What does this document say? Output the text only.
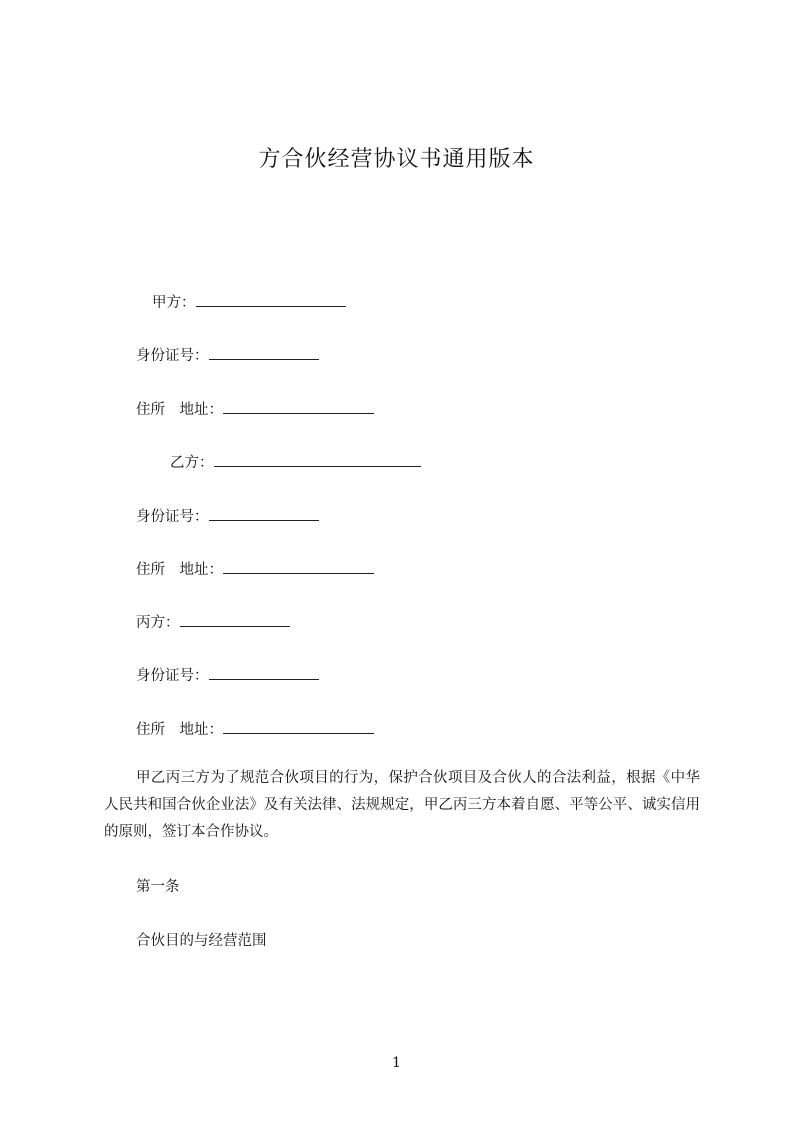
方合伙经营协议书通用版本
甲方：
身份证号：
住所　地址：
乙方：
身份证号：
住所　地址：
丙方：
身份证号：
住所　地址：

甲乙丙三方为了规范合伙项目的行为，保护合伙项目及合伙人的合法利益，根据《中华人民共和国合伙企业法》及有关法律、法规规定，甲乙丙三方本着自愿、平等公平、诚实信用的原则，签订本合作协议。

第一条
合伙目的与经营范围
1
